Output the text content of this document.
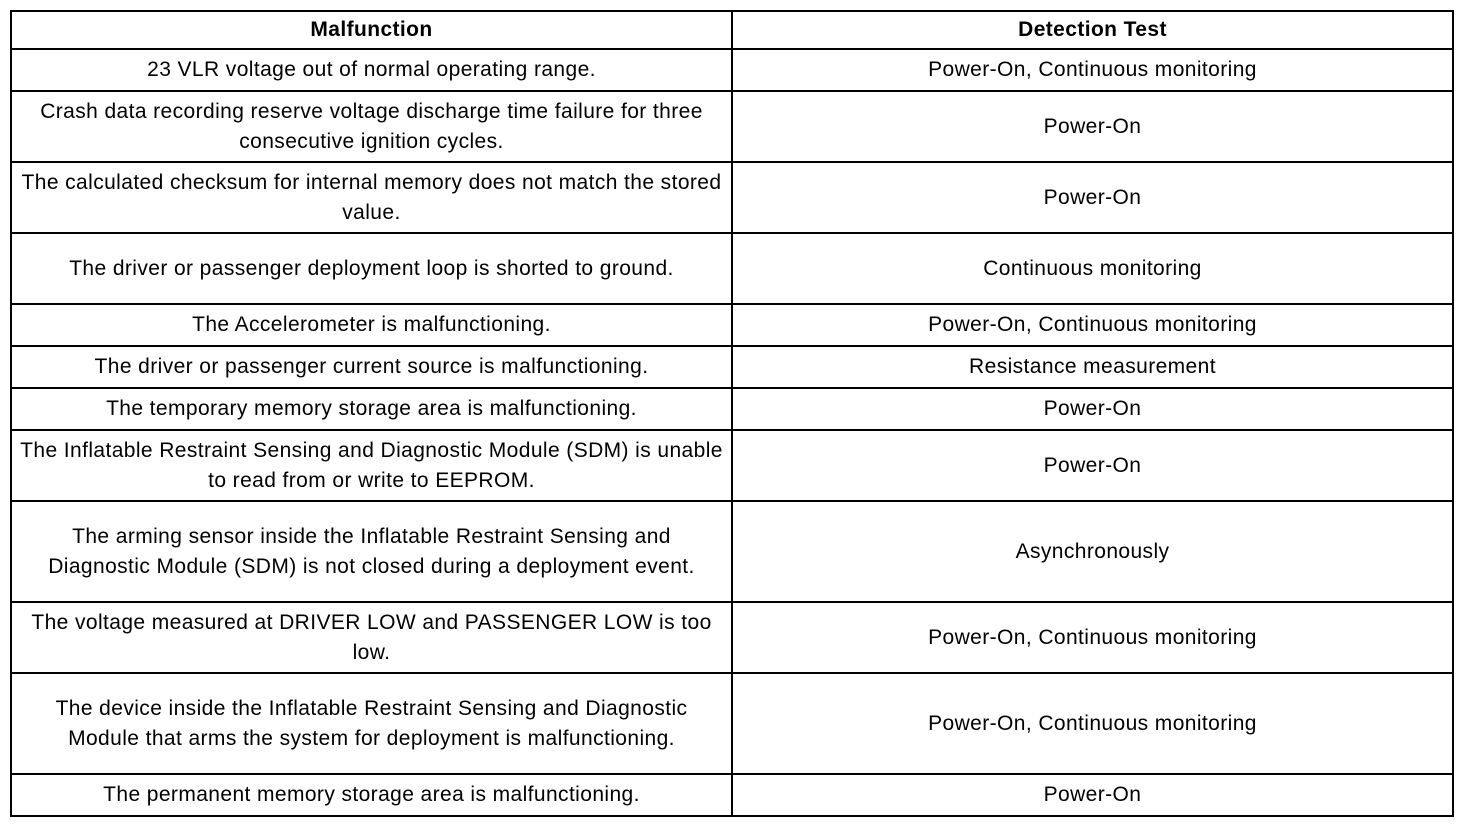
Malfunction	Detection Test
23 VLR voltage out of normal operating range.	Power-On, Continuous monitoring
Crash data recording reserve voltage discharge time failure for three consecutive ignition cycles.	Power-On
The calculated checksum for internal memory does not match the stored value.	Power-On
The driver or passenger deployment loop is shorted to ground.	Continuous monitoring
The Accelerometer is malfunctioning.	Power-On, Continuous monitoring
The driver or passenger current source is malfunctioning.	Resistance measurement
The temporary memory storage area is malfunctioning.	Power-On
The Inflatable Restraint Sensing and Diagnostic Module (SDM) is unable to read from or write to EEPROM.	Power-On
The arming sensor inside the Inflatable Restraint Sensing and Diagnostic Module (SDM) is not closed during a deployment event.	Asynchronously
The voltage measured at DRIVER LOW and PASSENGER LOW is too low.	Power-On, Continuous monitoring
The device inside the Inflatable Restraint Sensing and Diagnostic Module that arms the system for deployment is malfunctioning.	Power-On, Continuous monitoring
The permanent memory storage area is malfunctioning.	Power-On
